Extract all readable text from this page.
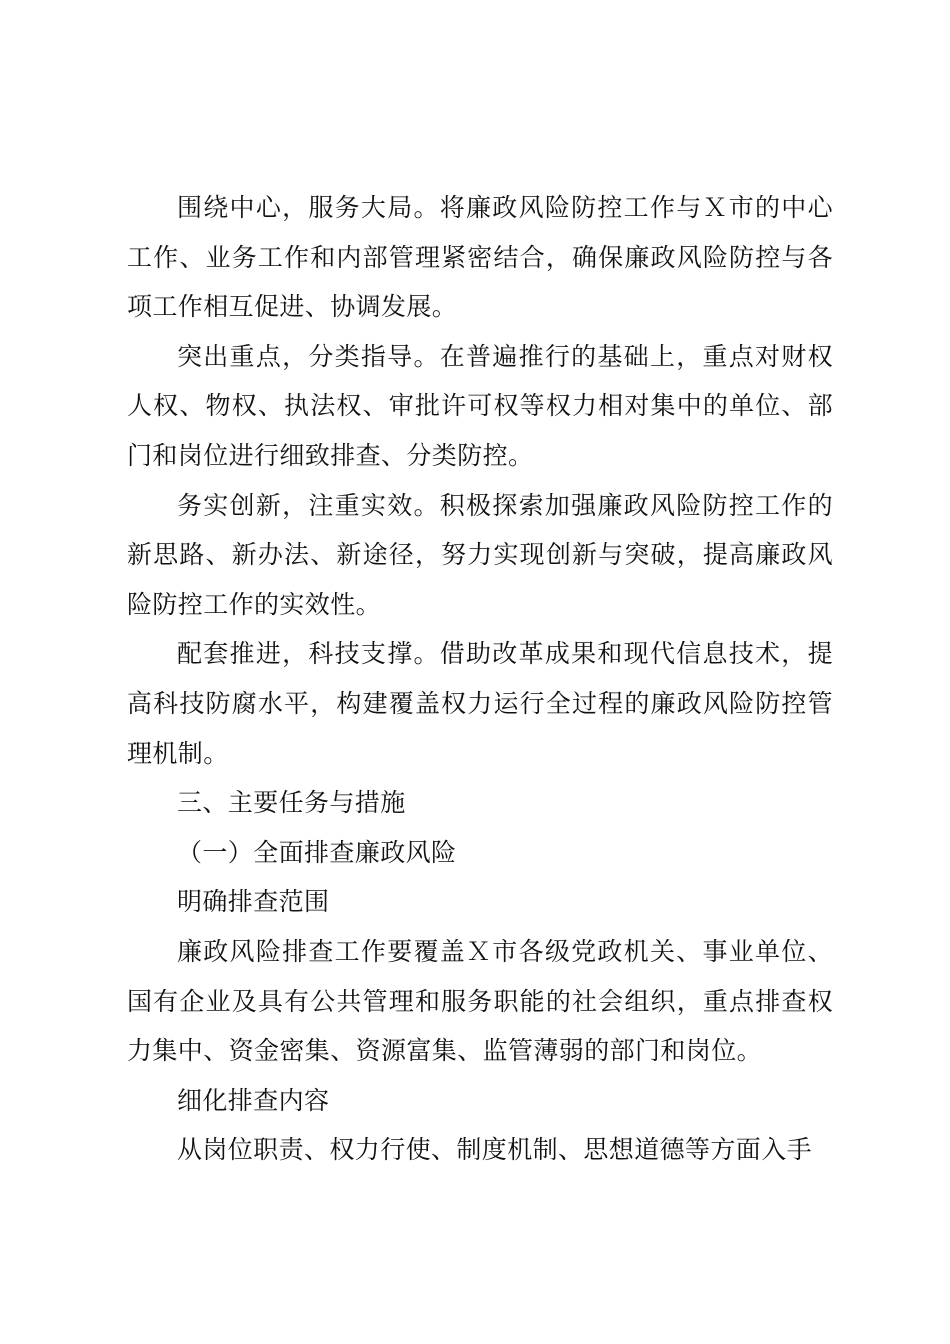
围绕中心，服务大局。将廉政风险防控工作与Ｘ市的中心工作、业务工作和内部管理紧密结合，确保廉政风险防控与各项工作相互促进、协调发展。

突出重点，分类指导。在普遍推行的基础上，重点对财权人权、物权、执法权、审批许可权等权力相对集中的单位、部门和岗位进行细致排查、分类防控。

务实创新，注重实效。积极探索加强廉政风险防控工作的新思路、新办法、新途径，努力实现创新与突破，提高廉政风险防控工作的实效性。

配套推进，科技支撑。借助改革成果和现代信息技术，提高科技防腐水平，构建覆盖权力运行全过程的廉政风险防控管理机制。

三、主要任务与措施

（一）全面排查廉政风险

明确排查范围

廉政风险排查工作要覆盖Ｘ市各级党政机关、事业单位、国有企业及具有公共管理和服务职能的社会组织，重点排查权力集中、资金密集、资源富集、监管薄弱的部门和岗位。

细化排查内容

从岗位职责、权力行使、制度机制、思想道德等方面入手
